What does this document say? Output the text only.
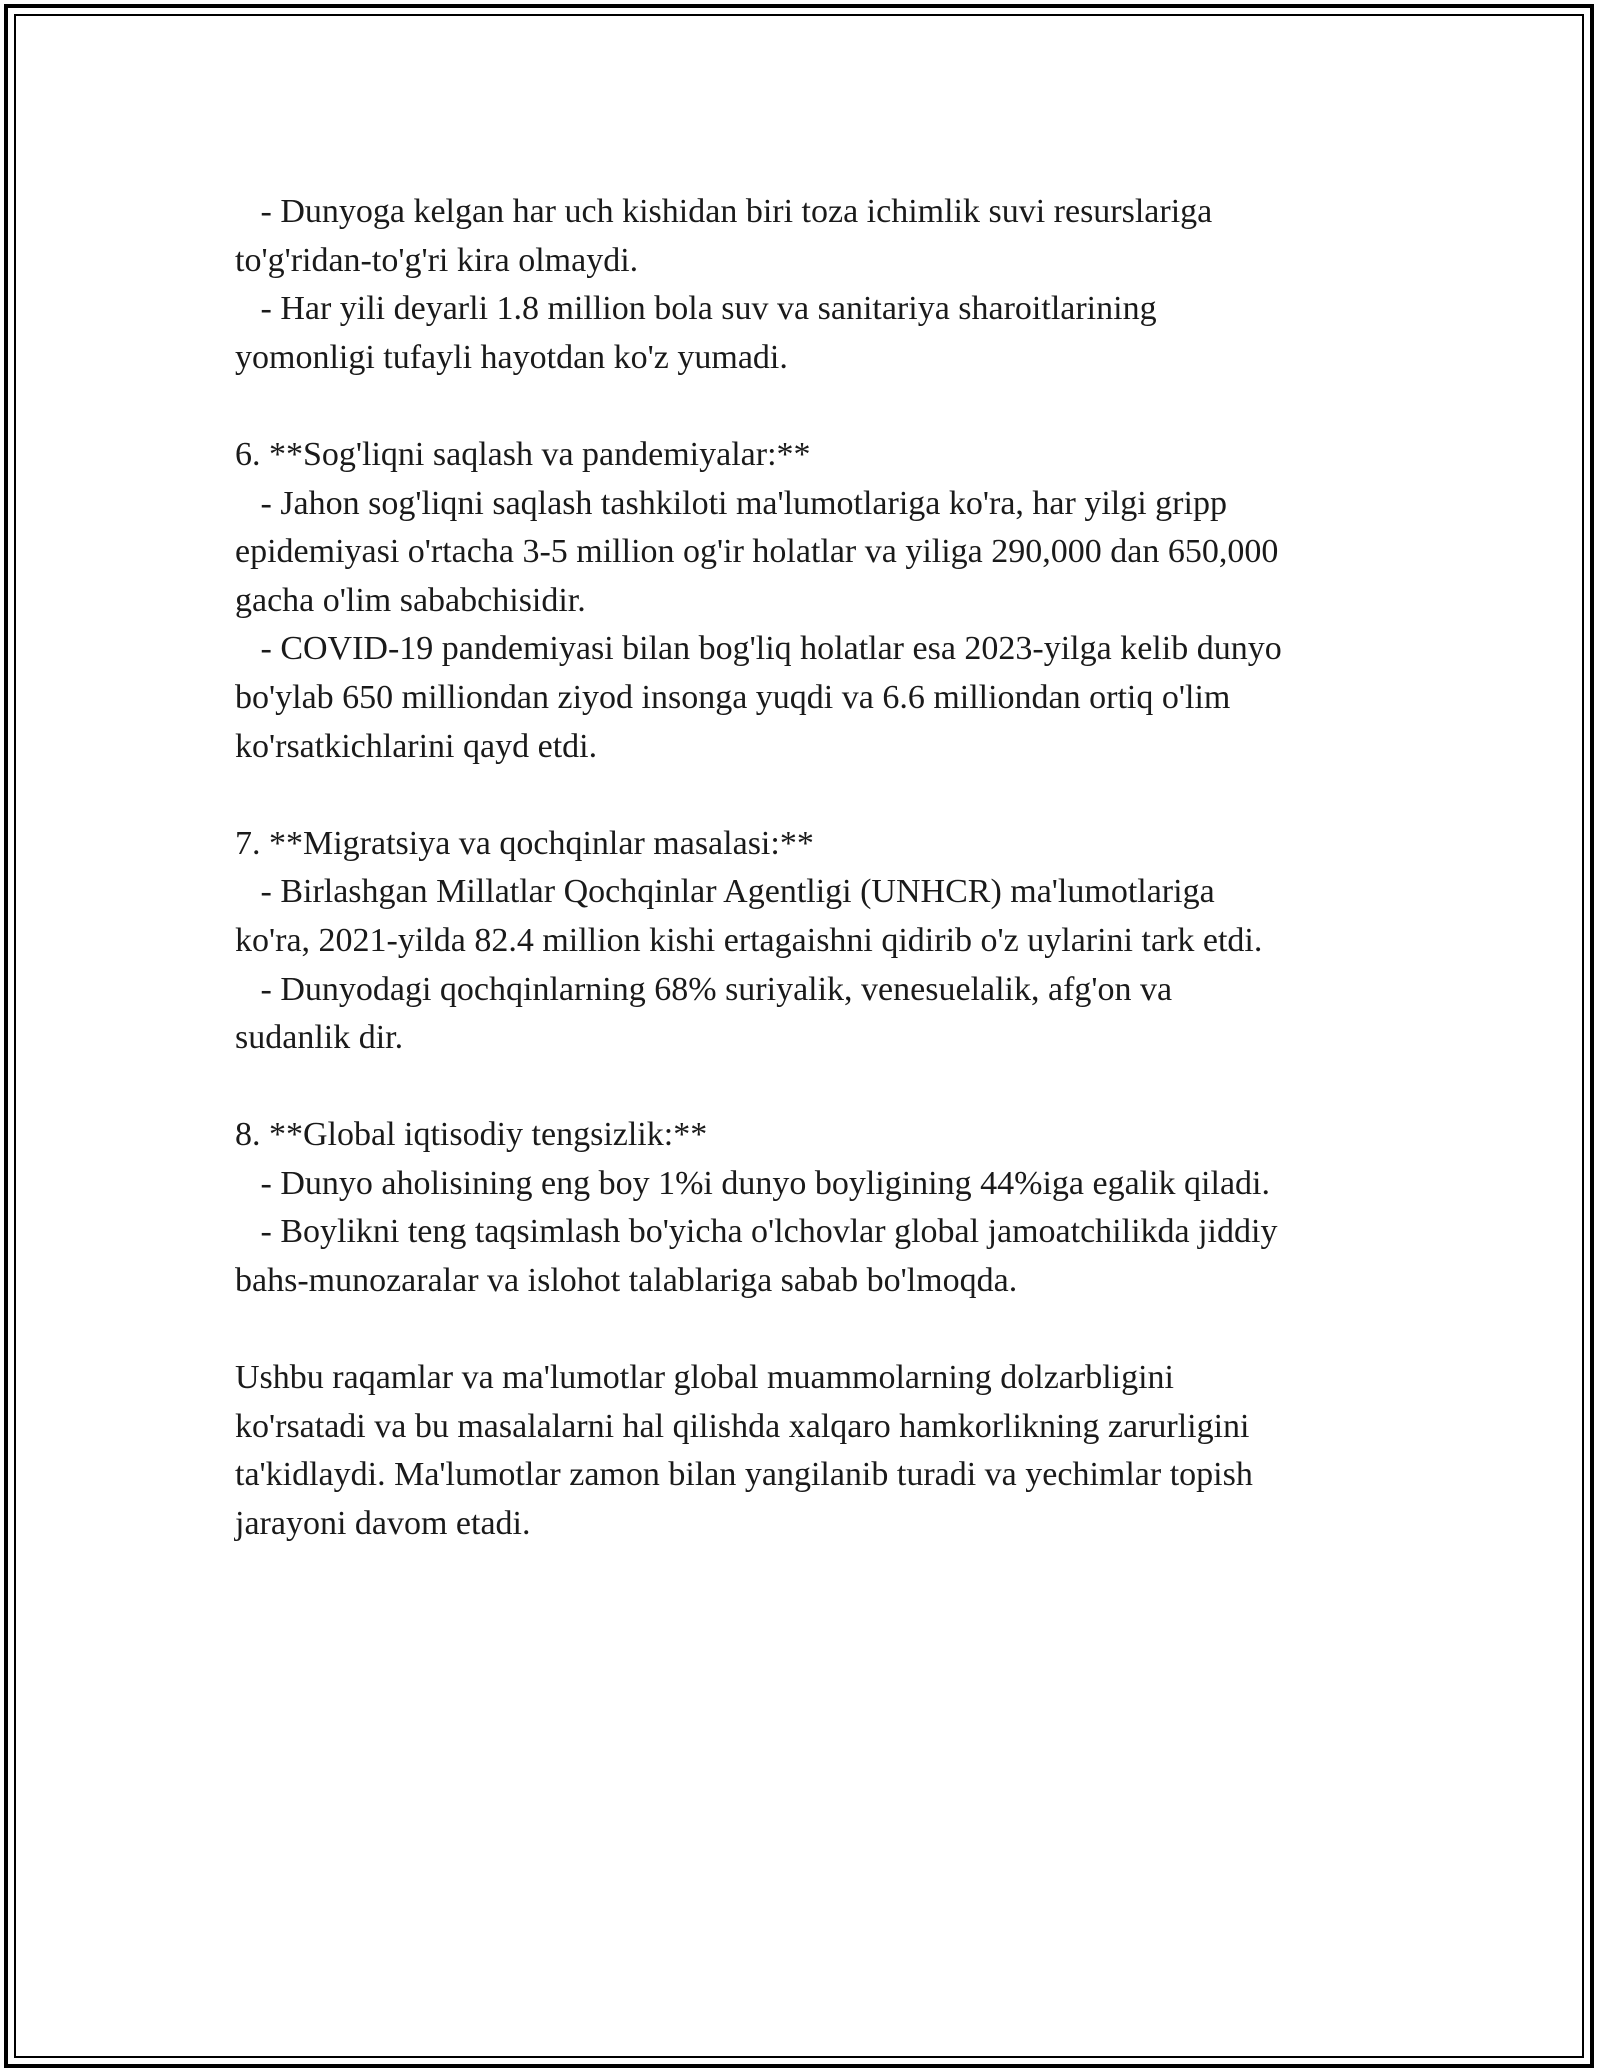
- Dunyoga kelgan har uch kishidan biri toza ichimlik suvi resurslariga
to'g'ridan-to'g'ri kira olmaydi.
- Har yili deyarli 1.8 million bola suv va sanitariya sharoitlarining
yomonligi tufayli hayotdan ko'z yumadi.
6. **Sog'liqni saqlash va pandemiyalar:**
- Jahon sog'liqni saqlash tashkiloti ma'lumotlariga ko'ra, har yilgi gripp
epidemiyasi o'rtacha 3-5 million og'ir holatlar va yiliga 290,000 dan 650,000
gacha o'lim sababchisidir.
- COVID-19 pandemiyasi bilan bog'liq holatlar esa 2023-yilga kelib dunyo
bo'ylab 650 milliondan ziyod insonga yuqdi va 6.6 milliondan ortiq o'lim
ko'rsatkichlarini qayd etdi.
7. **Migratsiya va qochqinlar masalasi:**
- Birlashgan Millatlar Qochqinlar Agentligi (UNHCR) ma'lumotlariga
ko'ra, 2021-yilda 82.4 million kishi ertagaishni qidirib o'z uylarini tark etdi.
- Dunyodagi qochqinlarning 68% suriyalik, venesuelalik, afg'on va
sudanlik dir.
8. **Global iqtisodiy tengsizlik:**
- Dunyo aholisining eng boy 1%i dunyo boyligining 44%iga egalik qiladi.
- Boylikni teng taqsimlash bo'yicha o'lchovlar global jamoatchilikda jiddiy
bahs-munozaralar va islohot talablariga sabab bo'lmoqda.
Ushbu raqamlar va ma'lumotlar global muammolarning dolzarbligini
ko'rsatadi va bu masalalarni hal qilishda xalqaro hamkorlikning zarurligini
ta'kidlaydi. Ma'lumotlar zamon bilan yangilanib turadi va yechimlar topish
jarayoni davom etadi.
